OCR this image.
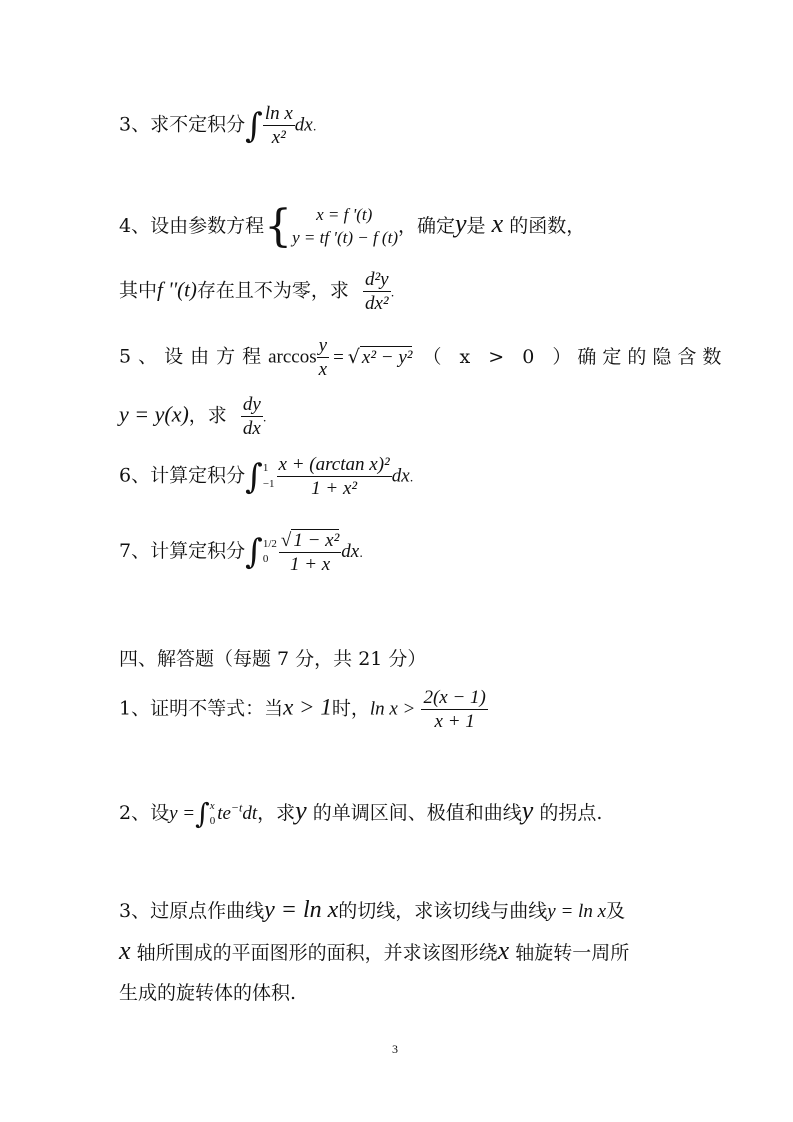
3、求不定积分∫ $\frac{\text{ln x}}{\text{x²}}$ dx.
4、设由参数方程{	x = f '(t)
y = tf '(t) − f (t)
，确定y是 x 的函数，
其中f ''(t)存在且不为零，求 $\frac{\text{d²y}}{\text{dx²}}$ .
5、设由方程$\arccos \frac{y}{x}$ = √ x² − y² （ x > 0 ）确定的隐含数
y = y(x)，求 $\frac{dy}{dx}$ .
6、计算定积分∫ 1
$-1 \frac{\text{x + (arctan x)²}}{\text{1 + x²}}$ dx.
7、计算定积分∫ 1/2
$0 \frac{\text{√ 1 − x²}}{1 + x}$ dx.
四、解答题（每题 7 分，共 21 分）
1、证明不等式：当x > 1时，$\ln x > \frac{2(x - 1)}{x + 1}$
2、设y =∫ x
0 $te^{-t}dt$，求y 的单调区间、极值和曲线y 的拐点.
3、过原点作曲线y = ln x的切线，求该切线与曲线y = ln x及
x 轴所围成的平面图形的面积，并求该图形绕x 轴旋转一周所
生成的旋转体的体积.
3
